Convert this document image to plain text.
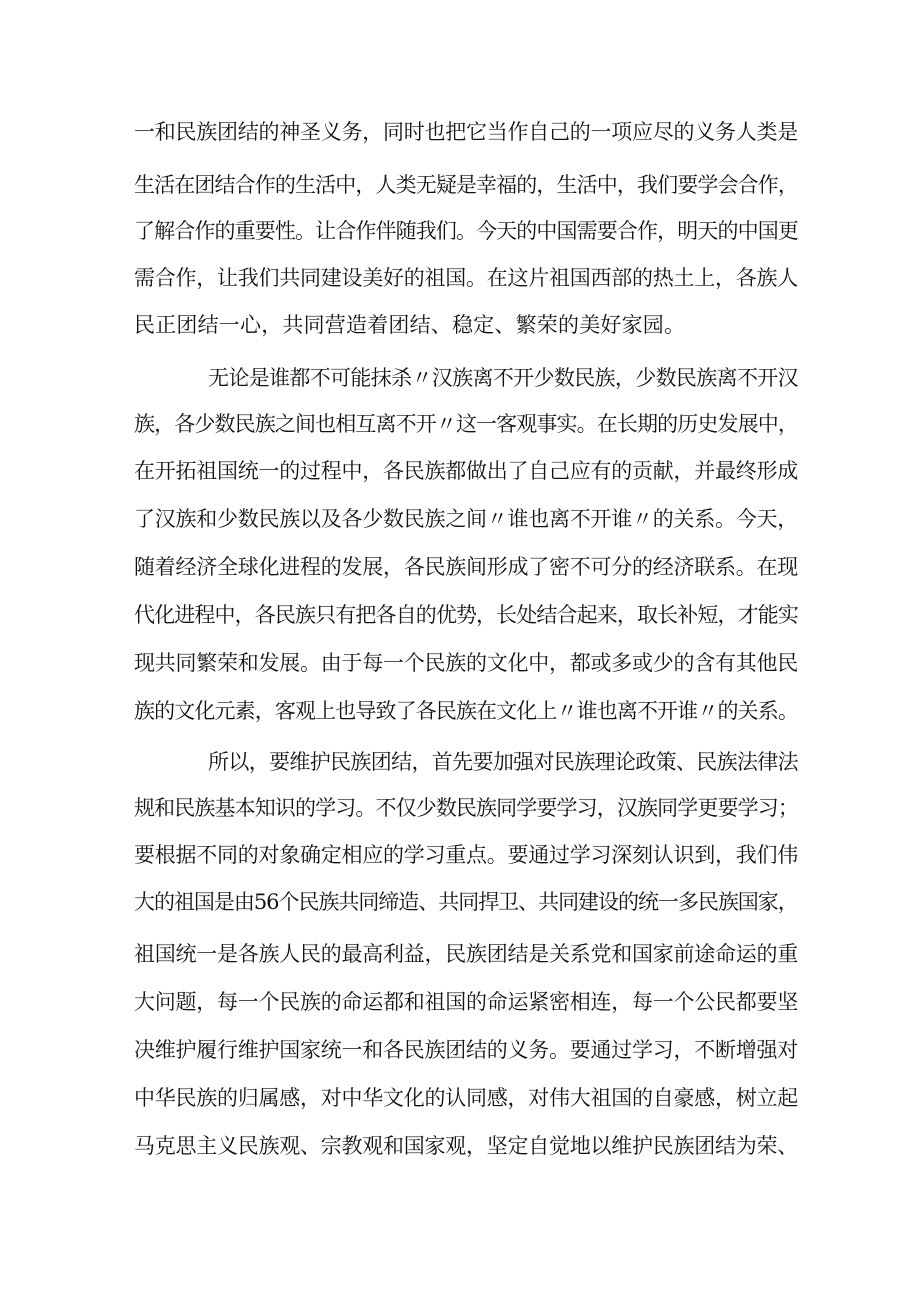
一和民族团结的神圣义务，同时也把它当作自己的一项应尽的义务人类是
生活在团结合作的生活中，人类无疑是幸福的，生活中，我们要学会合作，
了解合作的重要性。让合作伴随我们。今天的中国需要合作，明天的中国更
需合作，让我们共同建设美好的祖国。在这片祖国西部的热土上，各族人
民正团结一心，共同营造着团结、稳定、繁荣的美好家园。
无论是谁都不可能抹杀〃汉族离不开少数民族，少数民族离不开汉
族，各少数民族之间也相互离不开〃这一客观事实。在长期的历史发展中，
在开拓祖国统一的过程中，各民族都做出了自己应有的贡献，并最终形成
了汉族和少数民族以及各少数民族之间〃谁也离不开谁〃的关系。今天，
随着经济全球化进程的发展，各民族间形成了密不可分的经济联系。在现
代化进程中，各民族只有把各自的优势，长处结合起来，取长补短，才能实
现共同繁荣和发展。由于每一个民族的文化中，都或多或少的含有其他民
族的文化元素，客观上也导致了各民族在文化上〃谁也离不开谁〃的关系。
所以，要维护民族团结，首先要加强对民族理论政策、民族法律法
规和民族基本知识的学习。不仅少数民族同学要学习，汉族同学更要学习；
要根据不同的对象确定相应的学习重点。要通过学习深刻认识到，我们伟
大的祖国是由56个民族共同缔造、共同捍卫、共同建设的统一多民族国家，
祖国统一是各族人民的最高利益，民族团结是关系党和国家前途命运的重
大问题，每一个民族的命运都和祖国的命运紧密相连，每一个公民都要坚
决维护履行维护国家统一和各民族团结的义务。要通过学习，不断增强对
中华民族的归属感，对中华文化的认同感，对伟大祖国的自豪感，树立起
马克思主义民族观、宗教观和国家观，坚定自觉地以维护民族团结为荣、
